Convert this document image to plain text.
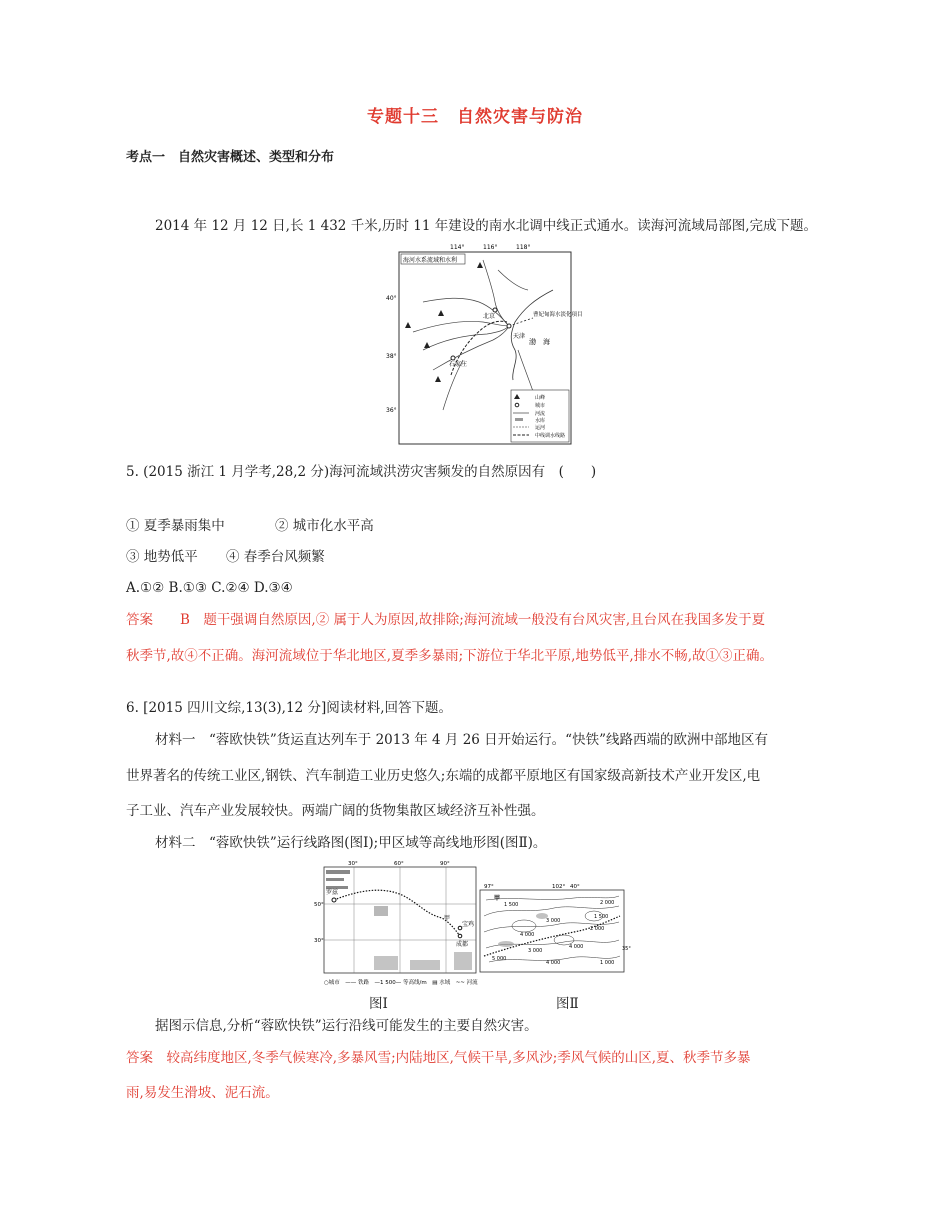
专题十三　自然灾害与防治
考点一　自然灾害概述、类型和分布
2014 年 12 月 12 日,长 1 432 千米,历时 11 年建设的南水北调中线正式通水。读海河流域局部图,完成下题。
114°	116°	118°
海河水系流域和水利
40°
38°
36°
北京
天津
石家庄
曹妃甸海水淡化项目
渤　海
山峰
城市
河流
水库
运河
中线调水线路
5. (2015 浙江 1 月学考,28,2 分)海河流域洪涝灾害频发的自然原因有　(　　)
① 夏季暴雨集中	② 城市化水平高
③ 地势低平 ④ 春季台风频繁
A.①② B.①③ C.②④ D.③④
答案　　B　题干强调自然原因,② 属于人为原因,故排除;海河流域一般没有台风灾害,且台风在我国多发于夏
秋季节,故④不正确。海河流域位于华北地区,夏季多暴雨;下游位于华北平原,地势低平,排水不畅,故①③正确。
6. [2015 四川文综,13(3),12 分]阅读材料,回答下题。
材料一　“蓉欧快铁”货运直达列车于 2013 年 4 月 26 日开始运行。“快铁”线路西端的欧洲中部地区有
世界著名的传统工业区,钢铁、汽车制造工业历史悠久;东端的成都平原地区有国家级高新技术产业开发区,电
子工业、汽车产业发展较快。两端广阔的货物集散区域经济互补性强。
材料二　“蓉欧快铁”运行线路图(图Ⅰ);甲区域等高线地形图(图Ⅱ)。
30°	60°	90°
50°
30°
罗兹
甲
宝鸡
成都
○城市　—— 铁路　—1 500— 等高线/m　▤ 水域　~~ 河流
97°	102° 40°
1 500	2 000
1 500
2 000
3 000
4 000
4 000
3 000
5 000
4 000	1 000
甲
35°
图Ⅰ	图Ⅱ
据图示信息,分析“蓉欧快铁”运行沿线可能发生的主要自然灾害。
答案　较高纬度地区,冬季气候寒冷,多暴风雪;内陆地区,气候干旱,多风沙;季风气候的山区,夏、秋季节多暴
雨,易发生滑坡、泥石流。
